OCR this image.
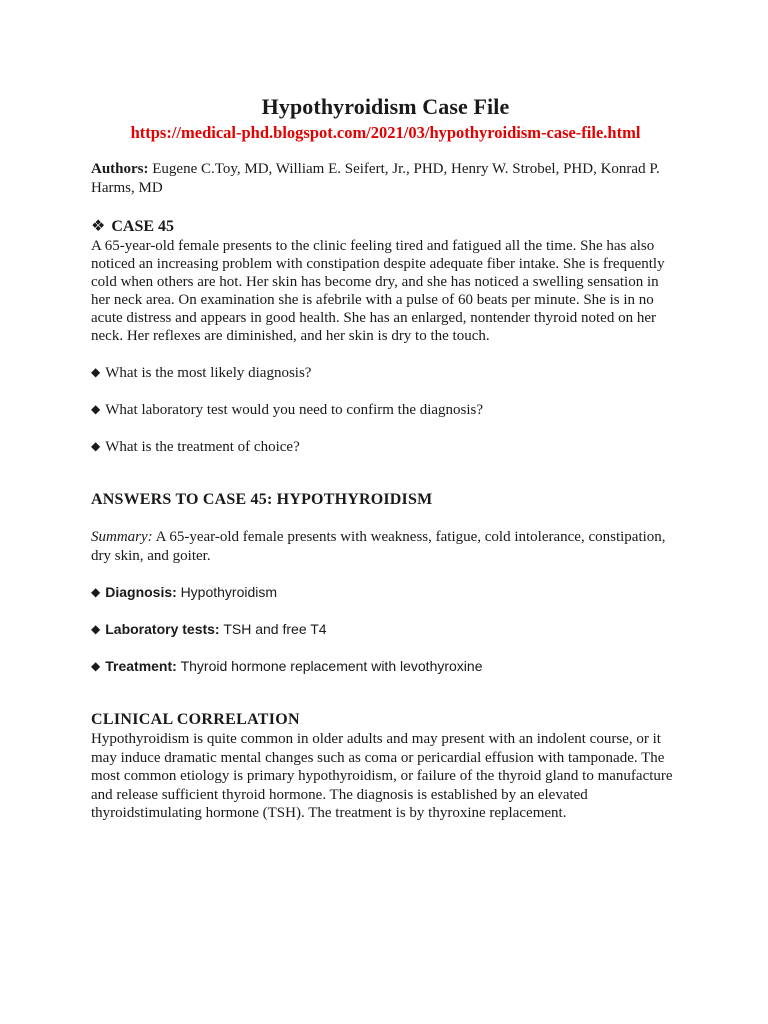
Hypothyroidism Case File
https://medical-phd.blogspot.com/2021/03/hypothyroidism-case-file.html
Authors: Eugene C.Toy, MD, William E. Seifert, Jr., PHD, Henry W. Strobel, PHD, Konrad P. Harms, MD
❖ CASE 45

A 65-year-old female presents to the clinic feeling tired and fatigued all the time. She has also noticed an increasing problem with constipation despite adequate fiber intake. She is frequently cold when others are hot. Her skin has become dry, and she has noticed a swelling sensation in her neck area. On examination she is afebrile with a pulse of 60 beats per minute. She is in no acute distress and appears in good health. She has an enlarged, nontender thyroid noted on her neck. Her reflexes are diminished, and her skin is dry to the touch.

◆ What is the most likely diagnosis?
◆ What laboratory test would you need to confirm the diagnosis?
◆ What is the treatment of choice?
ANSWERS TO CASE 45: HYPOTHYROIDISM
Summary: A 65-year-old female presents with weakness, fatigue, cold intolerance, constipation, dry skin, and goiter.
◆ Diagnosis: Hypothyroidism
◆ Laboratory tests: TSH and free T4
◆ Treatment: Thyroid hormone replacement with levothyroxine
CLINICAL CORRELATION

Hypothyroidism is quite common in older adults and may present with an indolent course, or it may induce dramatic mental changes such as coma or pericardial effusion with tamponade. The most common etiology is primary hypothyroidism, or failure of the thyroid gland to manufacture and release sufficient thyroid hormone. The diagnosis is established by an elevated thyroidstimulating hormone (TSH). The treatment is by thyroxine replacement.
